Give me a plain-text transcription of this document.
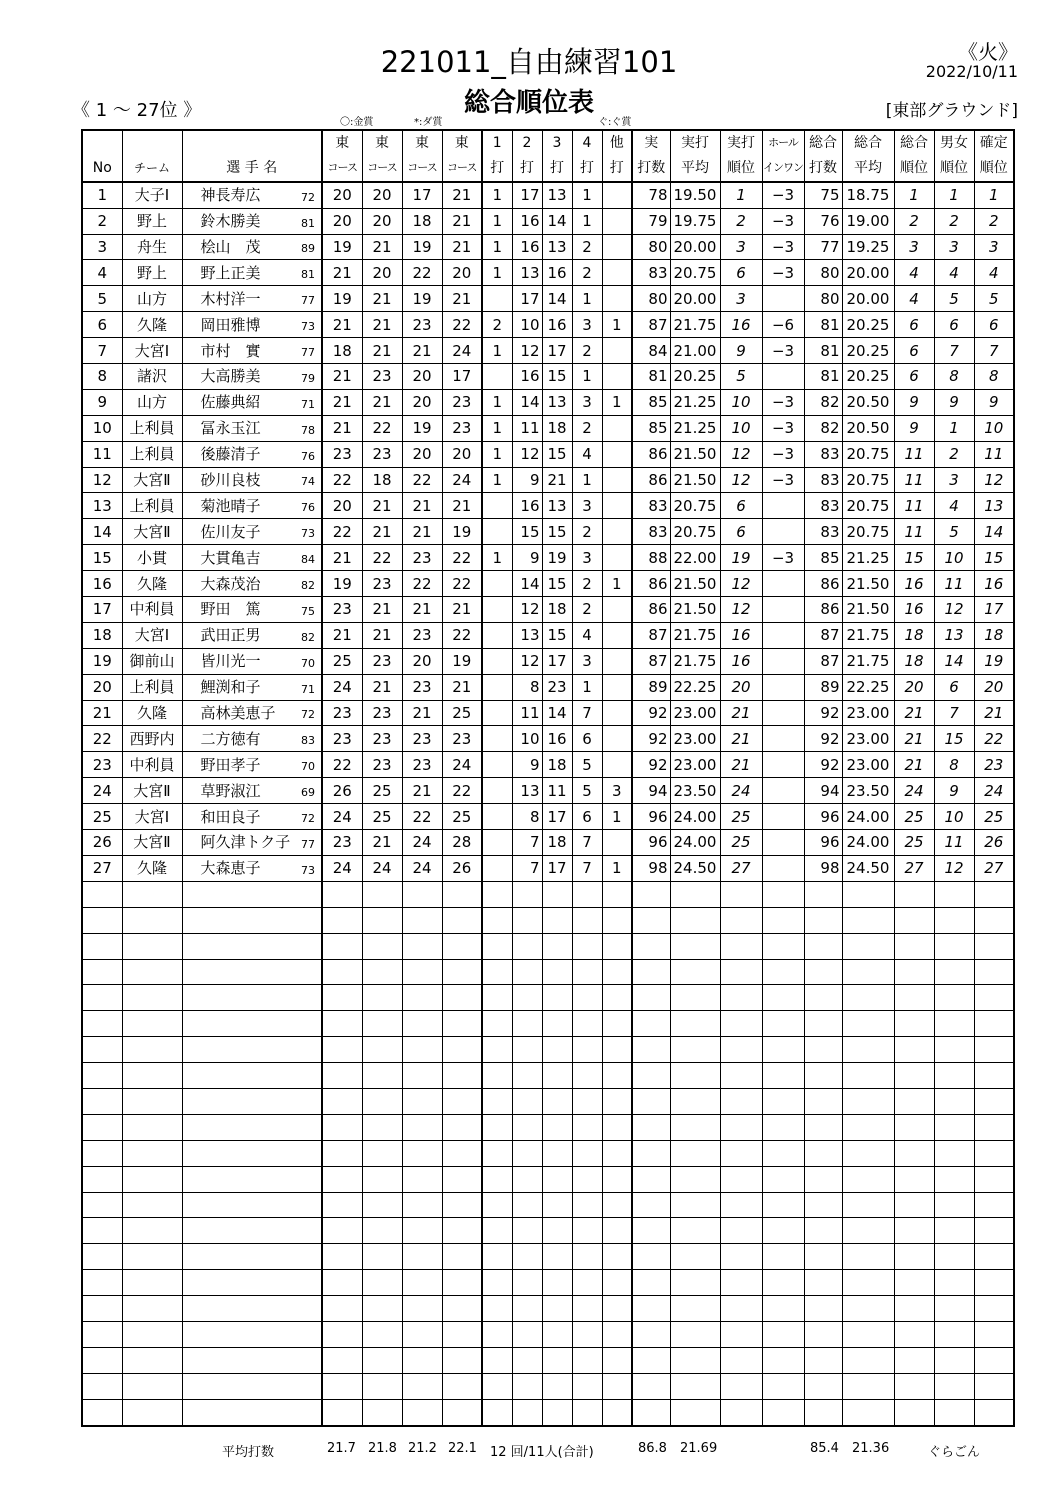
221011_自由練習101
総合順位表
《火》
2022/10/11
《 1 ～ 27位 》	[東部グラウンド]
〇:金賞	*:ダ賞	ぐ:ぐ賞
			東	東	東	東	1	2	3	4	他	実	実打	実打	ホール	総合	総合	総合	男女	確定
No	チーム	選 手 名	コース	コース	コース	コース	打	打	打	打	打	打数	平均	順位	インワン	打数	平均	順位	順位	順位
1	大子Ⅰ	神長寿広 72	20	20	17	21	1	17	13	1		78	19.50	1	−3	75	18.75	1	1	1
2	野上	鈴木勝美 81	20	20	18	21	1	16	14	1		79	19.75	2	−3	76	19.00	2	2	2
3	舟生	桧山　茂 89	19	21	19	21	1	16	13	2		80	20.00	3	−3	77	19.25	3	3	3
4	野上	野上正美 81	21	20	22	20	1	13	16	2		83	20.75	6	−3	80	20.00	4	4	4
5	山方	木村洋一 77	19	21	19	21		17	14	1		80	20.00	3		80	20.00	4	5	5
6	久隆	岡田雅博 73	21	21	23	22	2	10	16	3	1	87	21.75	16	−6	81	20.25	6	6	6
7	大宮Ⅰ	市村　實 77	18	21	21	24	1	12	17	2		84	21.00	9	−3	81	20.25	6	7	7
8	諸沢	大高勝美 79	21	23	20	17		16	15	1		81	20.25	5		81	20.25	6	8	8
9	山方	佐藤典紹 71	21	21	20	23	1	14	13	3	1	85	21.25	10	−3	82	20.50	9	9	9
10	上利員	冨永玉江 78	21	22	19	23	1	11	18	2		85	21.25	10	−3	82	20.50	9	1	10
11	上利員	後藤清子 76	23	23	20	20	1	12	15	4		86	21.50	12	−3	83	20.75	11	2	11
12	大宮Ⅱ	砂川良枝 74	22	18	22	24	1	9	21	1		86	21.50	12	−3	83	20.75	11	3	12
13	上利員	菊池晴子 76	20	21	21	21		16	13	3		83	20.75	6		83	20.75	11	4	13
14	大宮Ⅱ	佐川友子 73	22	21	21	19		15	15	2		83	20.75	6		83	20.75	11	5	14
15	小貫	大貫亀吉 84	21	22	23	22	1	9	19	3		88	22.00	19	−3	85	21.25	15	10	15
16	久隆	大森茂治 82	19	23	22	22		14	15	2	1	86	21.50	12		86	21.50	16	11	16
17	中利員	野田　篤 75	23	21	21	21		12	18	2		86	21.50	12		86	21.50	16	12	17
18	大宮Ⅰ	武田正男 82	21	21	23	22		13	15	4		87	21.75	16		87	21.75	18	13	18
19	御前山	皆川光一 70	25	23	20	19		12	17	3		87	21.75	16		87	21.75	18	14	19
20	上利員	鯉渕和子 71	24	21	23	21		8	23	1		89	22.25	20		89	22.25	20	6	20
21	久隆	高林美恵子 72	23	23	21	25		11	14	7		92	23.00	21		92	23.00	21	7	21
22	西野内	二方徳有 83	23	23	23	23		10	16	6		92	23.00	21		92	23.00	21	15	22
23	中利員	野田孝子 70	22	23	23	24		9	18	5		92	23.00	21		92	23.00	21	8	23
24	大宮Ⅱ	草野淑江 69	26	25	21	22		13	11	5	3	94	23.50	24		94	23.50	24	9	24
25	大宮Ⅰ	和田良子 72	24	25	22	25		8	17	6	1	96	24.00	25		96	24.00	25	10	25
26	大宮Ⅱ	阿久津トク子 77	23	21	24	28		7	18	7		96	24.00	25		96	24.00	25	11	26
27	久隆	大森恵子 73	24	24	24	26		7	17	7	1	98	24.50	27		98	24.50	27	12	27

平均打数	21.7 21.8 21.2 22.1 12 回/11人(合計)	86.8 21.69	85.4 21.36	ぐらごん
